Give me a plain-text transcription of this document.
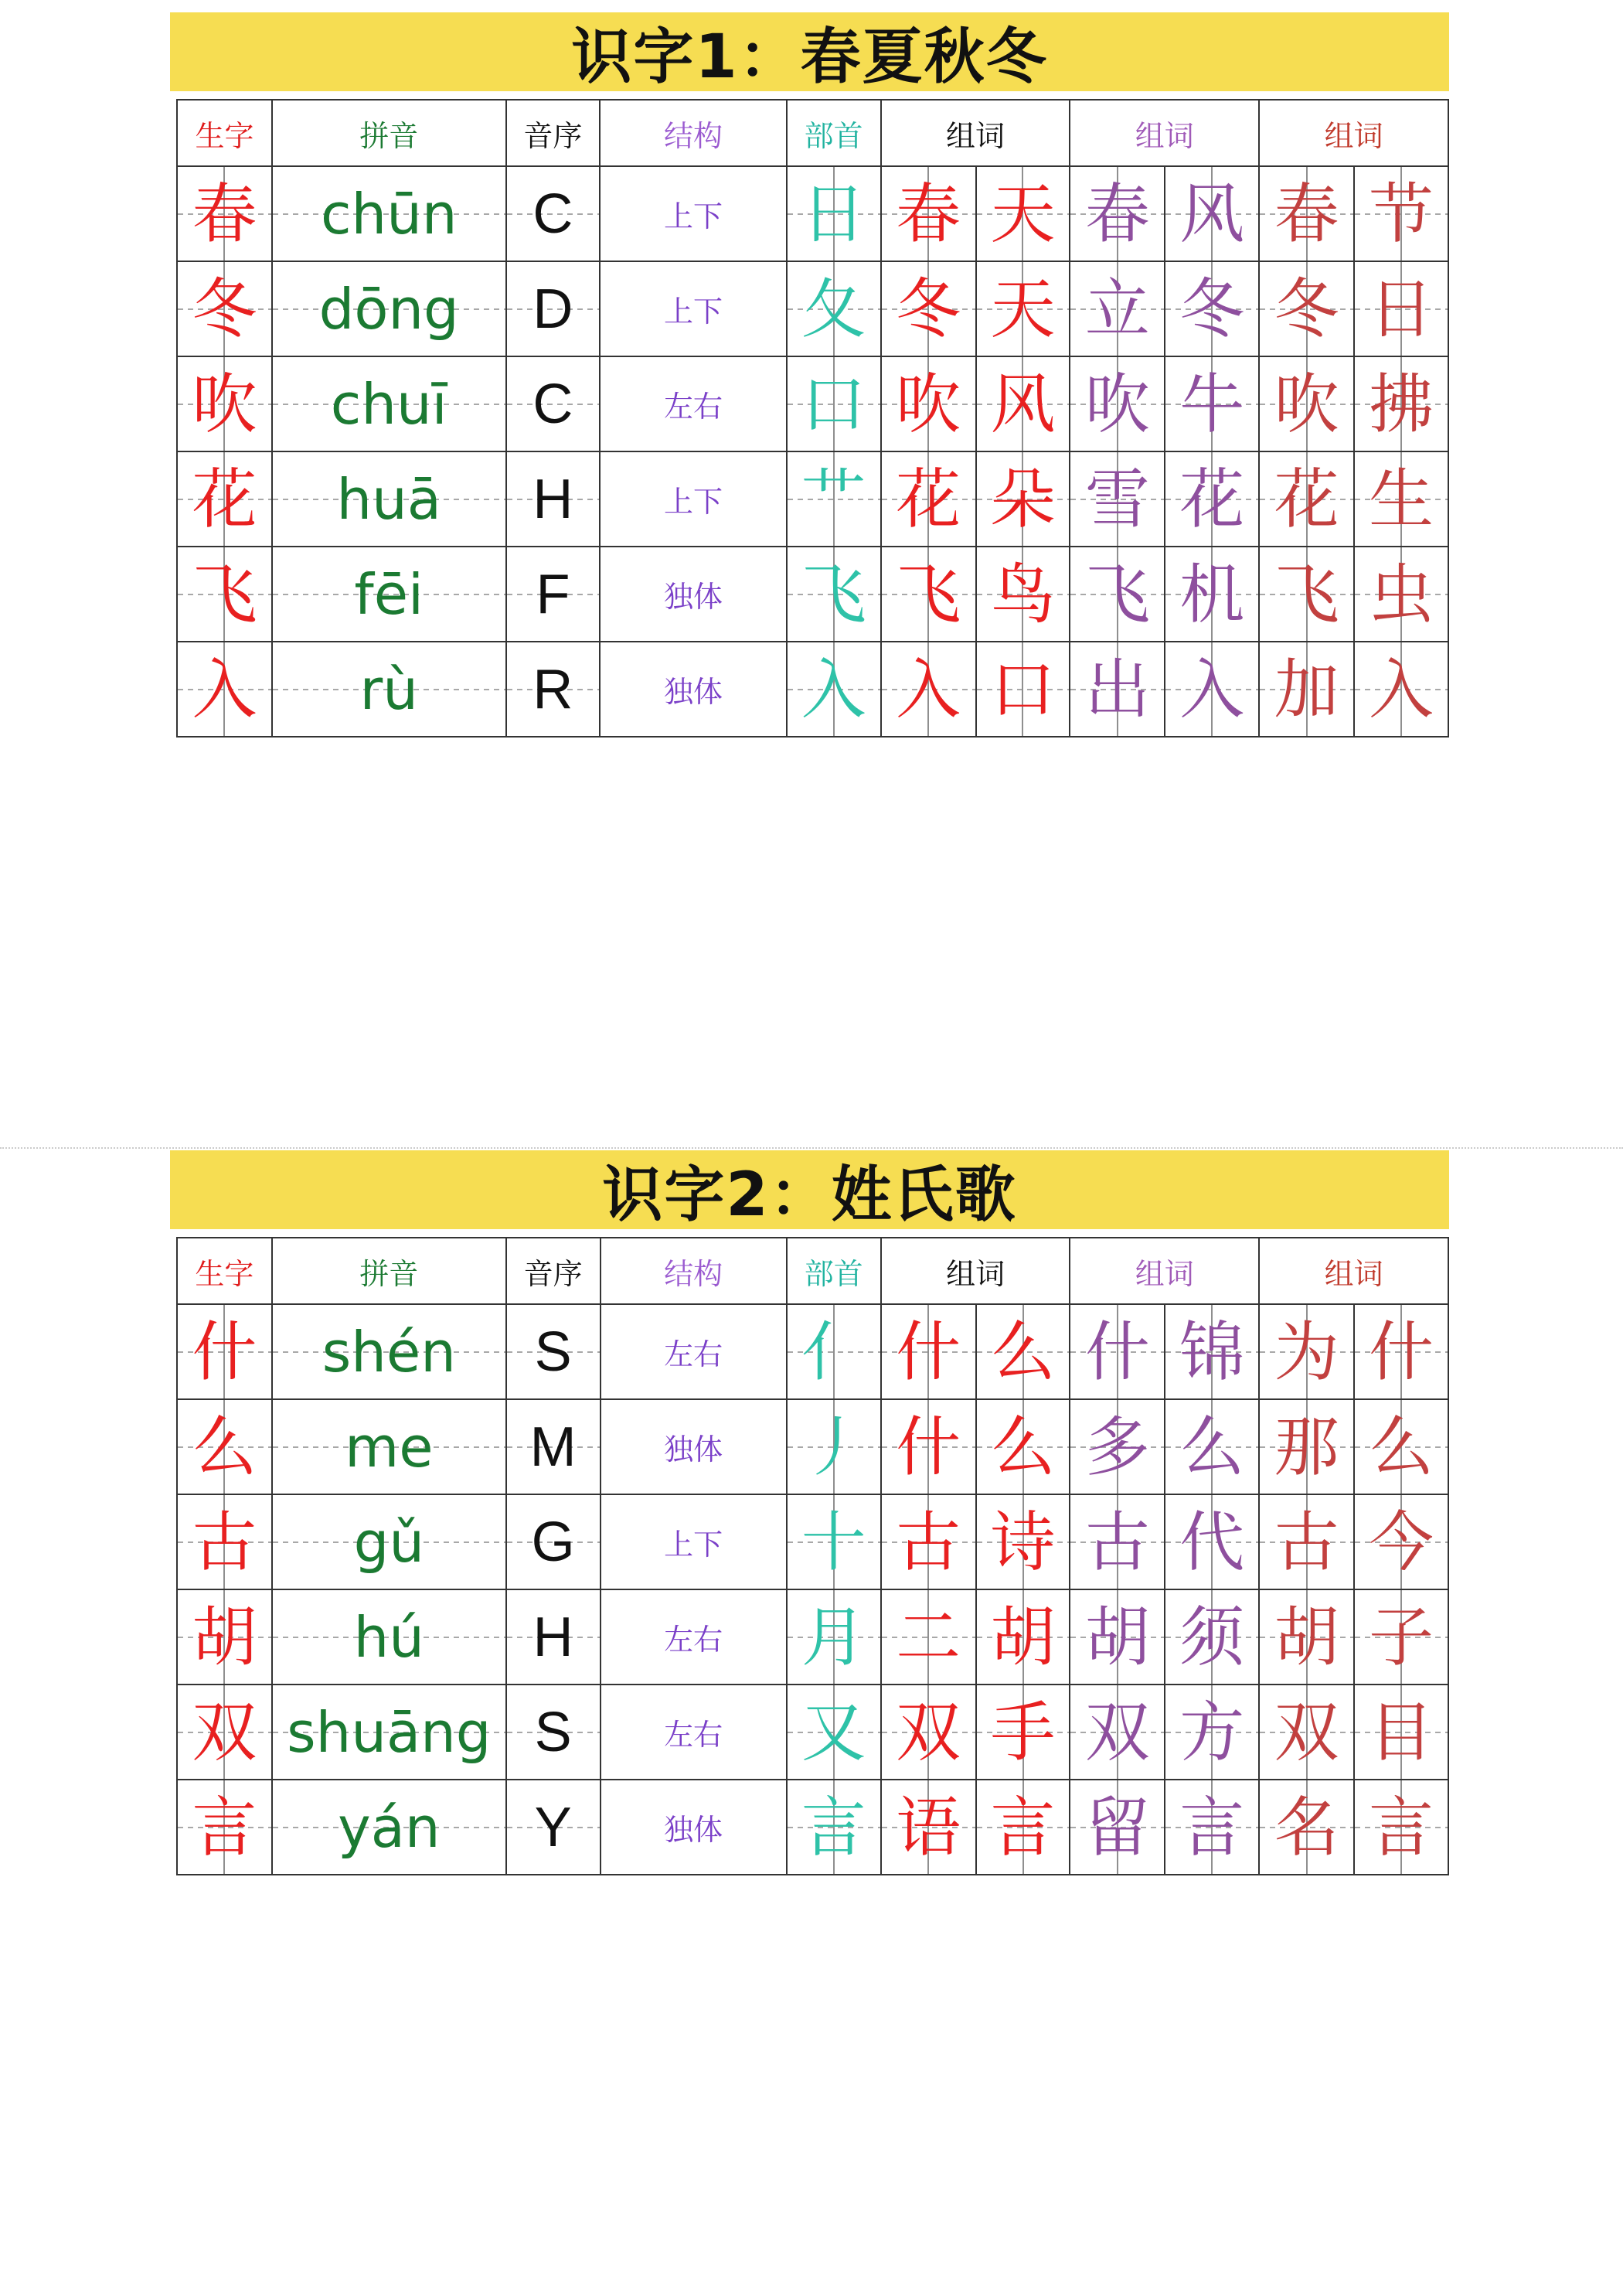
识字1：春夏秋冬
生字	拼音	音序	结构	部首	组词		组词		组词	
春	chūn	C	上下	日	春	天	春	风	春	节
冬	dōng	D	上下	夂	冬	天	立	冬	冬	日
吹	chuī	C	左右	口	吹	风	吹	牛	吹	拂
花	huā	H	上下	艹	花	朵	雪	花	花	生
飞	fēi	F	独体	飞	飞	鸟	飞	机	飞	虫
入	rù	R	独体	入	入	口	出	入	加	入
识字2：姓氏歌
生字	拼音	音序	结构	部首	组词		组词		组词	
什	shén	S	左右	亻	什	么	什	锦	为	什
么	me	M	独体	丿	什	么	多	么	那	么
古	gǔ	G	上下	十	古	诗	古	代	古	今
胡	hú	H	左右	月	二	胡	胡	须	胡	子
双	shuāng	S	左右	又	双	手	双	方	双	目
言	yán	Y	独体	言	语	言	留	言	名	言
